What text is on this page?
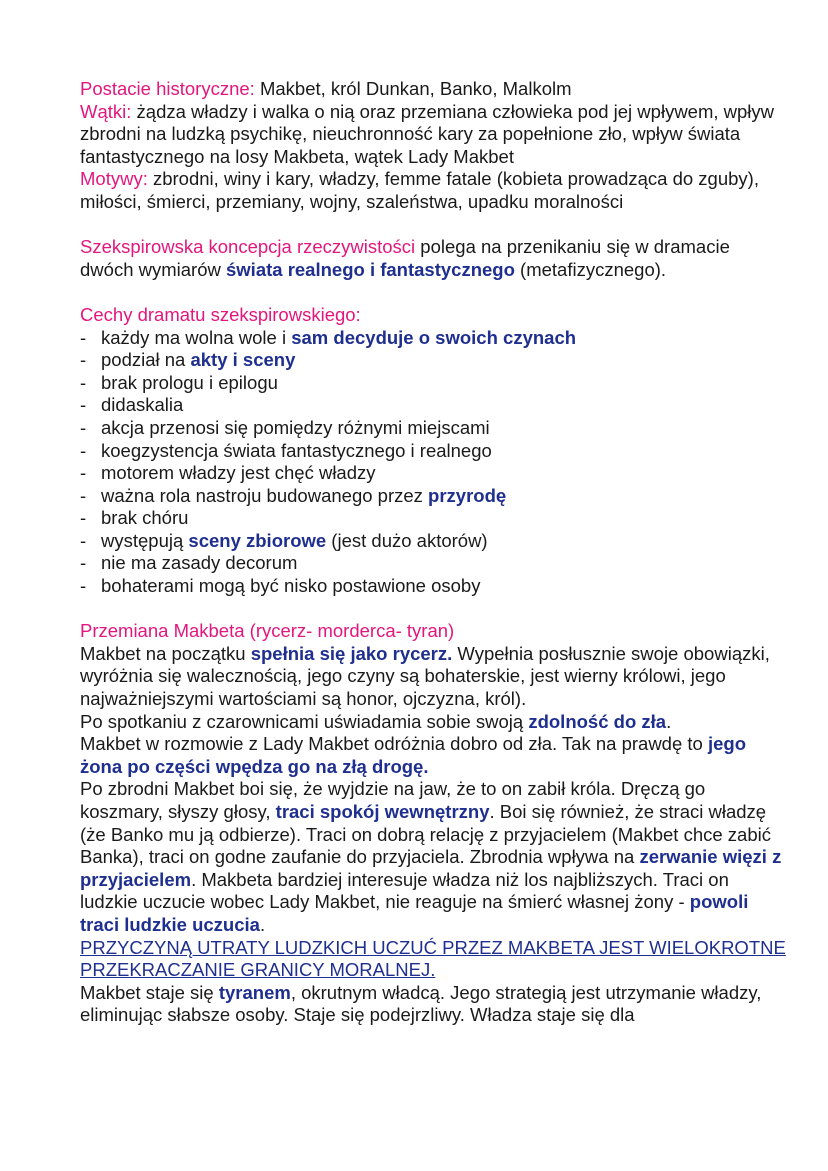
Postacie historyczne: Makbet, król Dunkan, Banko, Malkolm

Wątki: żądza władzy i walka o nią oraz przemiana człowieka pod jej wpływem, wpływ zbrodni na ludzką psychikę, nieuchronność kary za popełnione zło, wpływ świata fantastycznego na losy Makbeta, wątek Lady Makbet

Motywy: zbrodni, winy i kary, władzy, femme fatale (kobieta prowadząca do zguby), miłości, śmierci, przemiany, wojny, szaleństwa, upadku moralności

Szekspirowska koncepcja rzeczywistości polega na przenikaniu się w dramacie dwóch wymiarów świata realnego i fantastycznego (metafizycznego).

Cechy dramatu szekspirowskiego:

- każdy ma wolna wole i sam decyduje o swoich czynach
- podział na akty i sceny
- brak prologu i epilogu
- didaskalia
- akcja przenosi się pomiędzy różnymi miejscami
- koegzystencja świata fantastycznego i realnego
- motorem władzy jest chęć władzy
- ważna rola nastroju budowanego przez przyrodę
- brak chóru
- występują sceny zbiorowe (jest dużo aktorów)
- nie ma zasady decorum
- bohaterami mogą być nisko postawione osoby

Przemiana Makbeta (rycerz- morderca- tyran)

Makbet na początku spełnia się jako rycerz. Wypełnia posłusznie swoje obowiązki, wyróżnia się walecznością, jego czyny są bohaterskie, jest wierny królowi, jego najważniejszymi wartościami są honor, ojczyzna, król).

Po spotkaniu z czarownicami uświadamia sobie swoją zdolność do zła.

Makbet w rozmowie z Lady Makbet odróżnia dobro od zła. Tak na prawdę to jego żona po części wpędza go na złą drogę.

Po zbrodni Makbet boi się, że wyjdzie na jaw, że to on zabił króla. Dręczą go koszmary, słyszy głosy, traci spokój wewnętrzny. Boi się również, że straci władzę (że Banko mu ją odbierze). Traci on dobrą relację z przyjacielem (Makbet chce zabić Banka), traci on godne zaufanie do przyjaciela. Zbrodnia wpływa na zerwanie więzi z przyjacielem. Makbeta bardziej interesuje władza niż los najbliższych. Traci on ludzkie uczucie wobec Lady Makbet, nie reaguje na śmierć własnej żony - powoli traci ludzkie uczucia.

PRZYCZYNĄ UTRATY LUDZKICH UCZUĆ PRZEZ MAKBETA JEST WIELOKROTNE PRZEKRACZANIE GRANICY MORALNEJ.

Makbet staje się tyranem, okrutnym władcą. Jego strategią jest utrzymanie władzy, eliminując słabsze osoby. Staje się podejrzliwy. Władza staje się dla
